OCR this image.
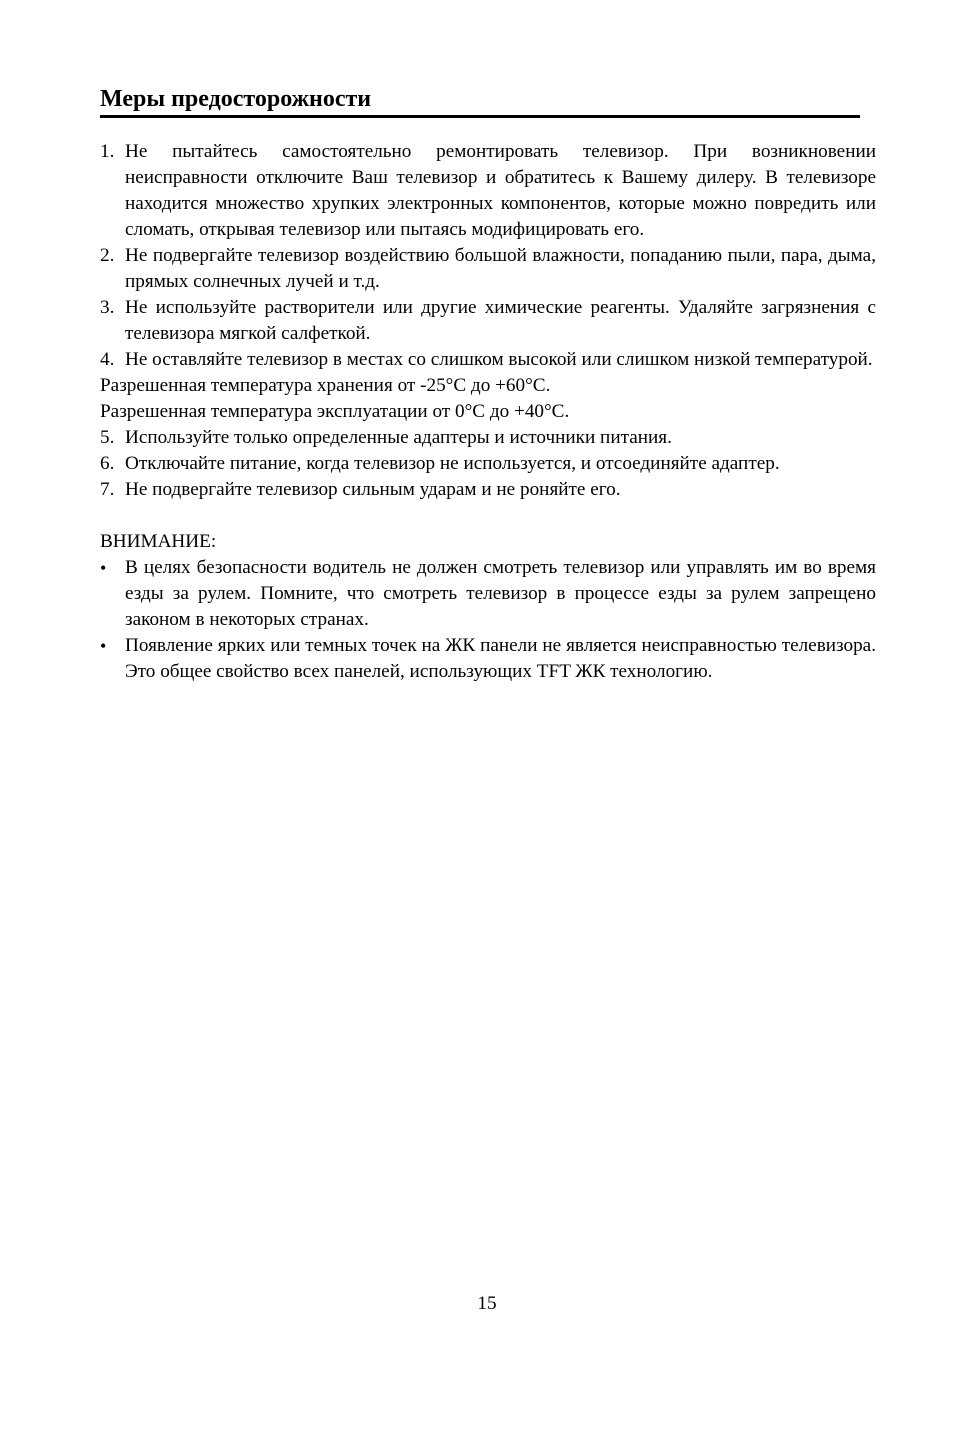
Меры предосторожности
1. Не пытайтесь самостоятельно ремонтировать телевизор. При возникновении неисправности отключите Ваш телевизор и обратитесь к Вашему дилеру. В телевизоре находится множество хрупких электронных компонентов, которые можно повредить или сломать, открывая телевизор или пытаясь модифицировать его.
2. Не подвергайте телевизор воздействию большой влажности, попаданию пыли, пара, дыма, прямых солнечных лучей и т.д.
3. Не используйте растворители или другие химические реагенты. Удаляйте загрязнения с телевизора мягкой салфеткой.
4. Не оставляйте телевизор в местах со слишком высокой или слишком низкой температурой.
Разрешенная температура хранения от -25°С до +60°С.
Разрешенная температура эксплуатации от 0°С до +40°С.
5. Используйте только определенные адаптеры и источники питания.
6. Отключайте питание, когда телевизор не используется, и отсоединяйте адаптер.
7. Не подвергайте телевизор сильным ударам и не роняйте его.
ВНИМАНИЕ:
• В целях безопасности водитель не должен смотреть телевизор или управлять им во время езды за рулем. Помните, что смотреть телевизор в процессе езды за рулем запрещено законом в некоторых странах.
• Появление ярких или темных точек на ЖК панели не является неисправностью телевизора. Это общее свойство всех панелей, использующих TFT ЖК технологию.
15
